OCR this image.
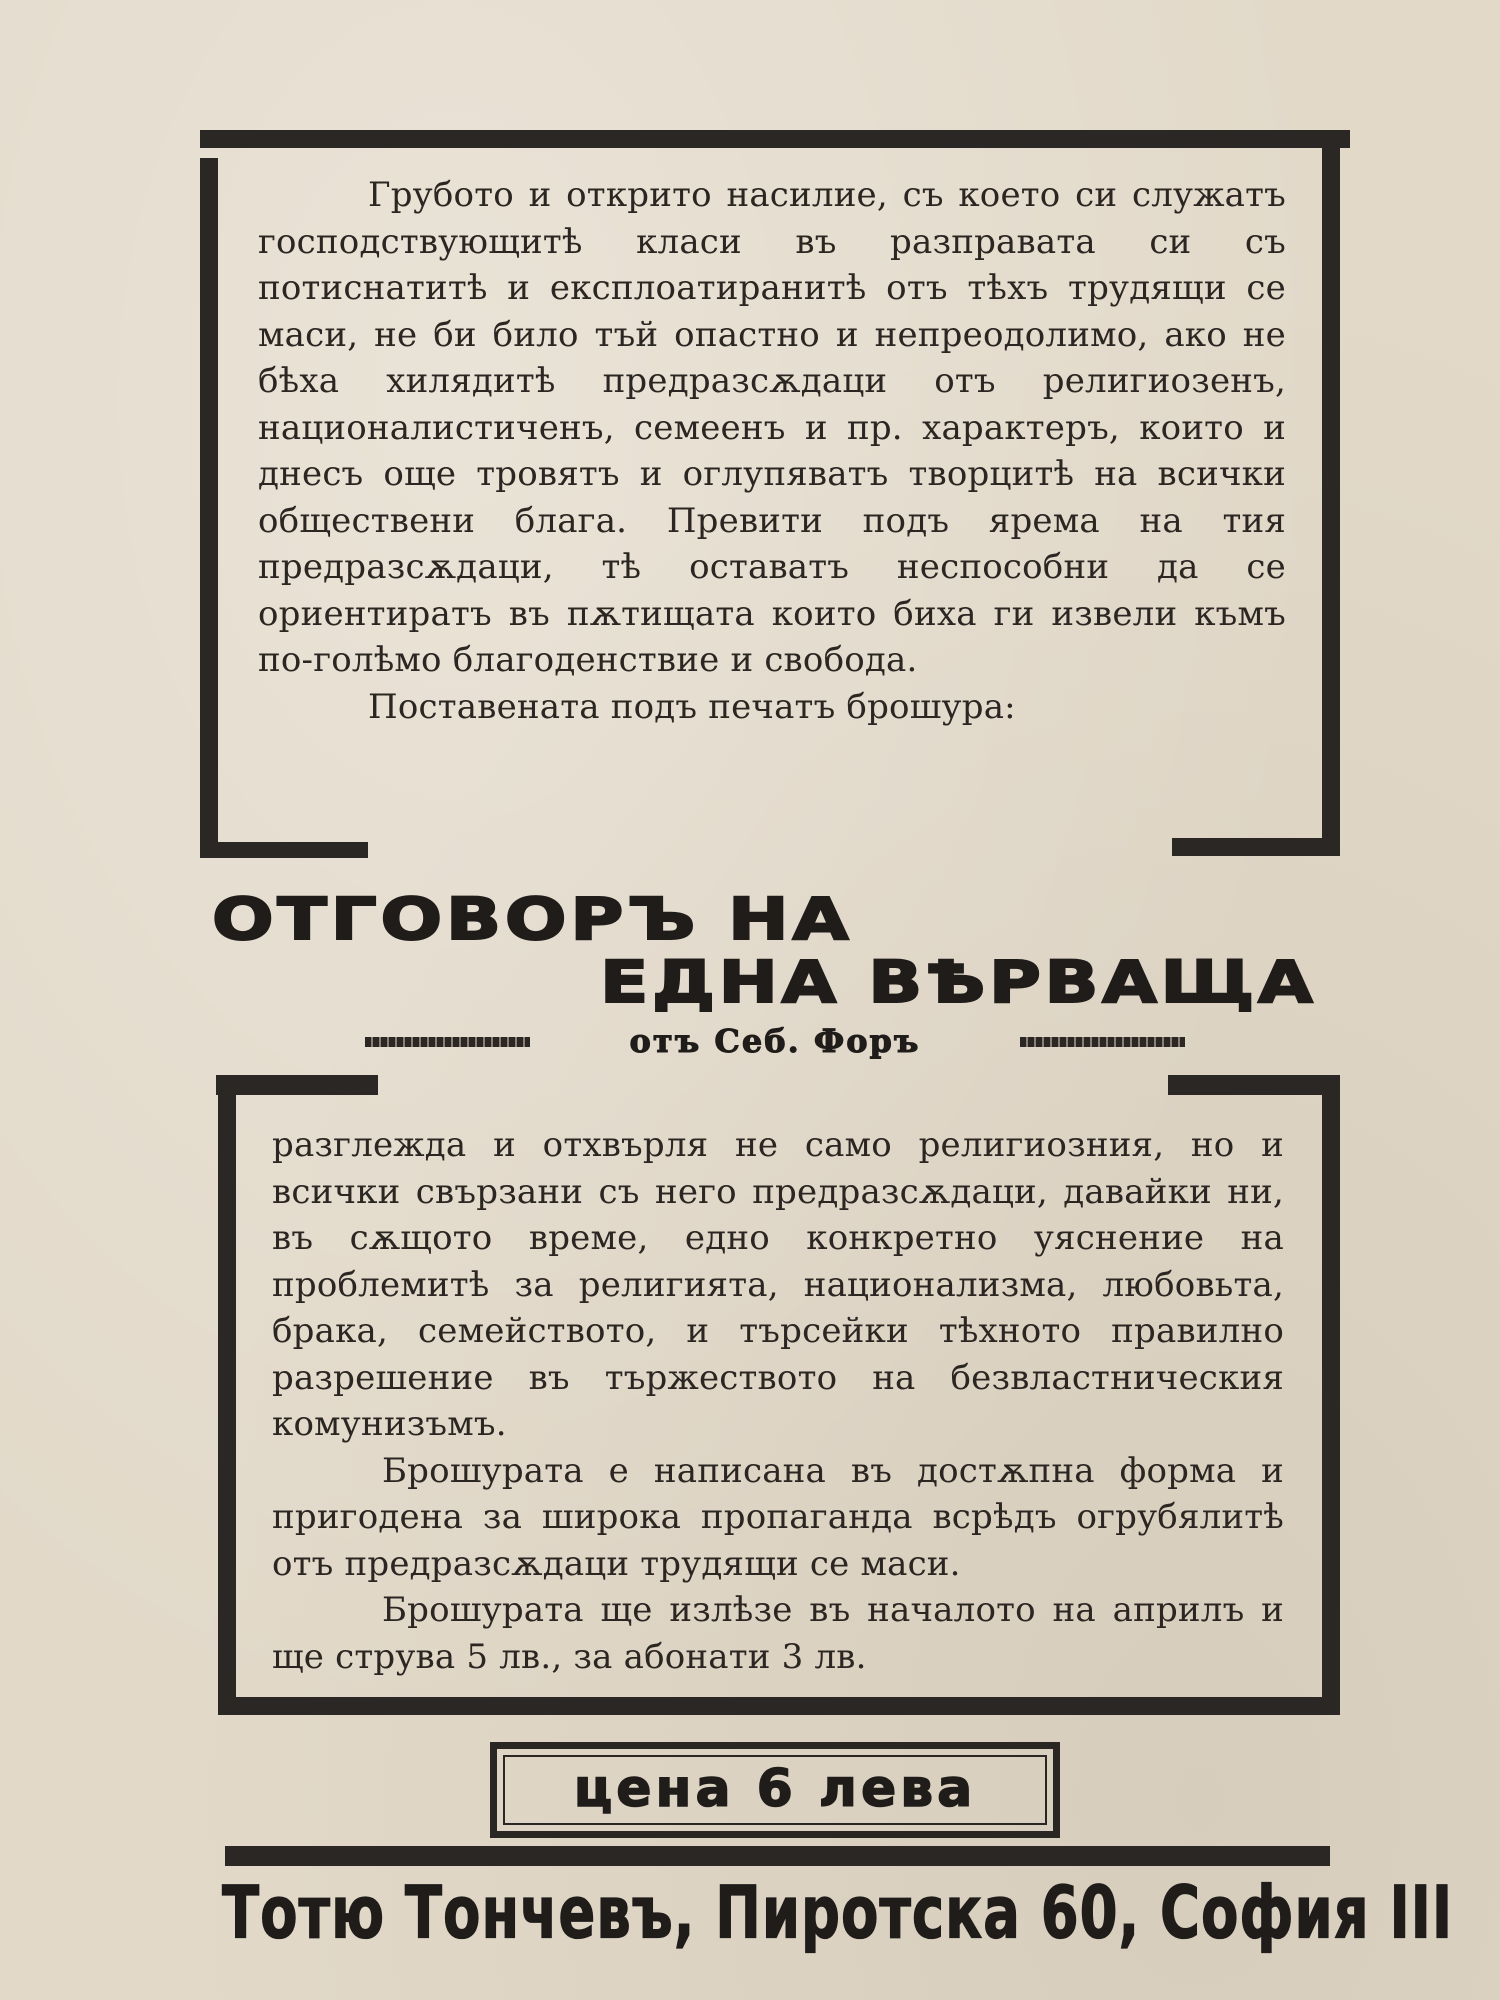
Грубото и открито насилие, съ което си служатъ господствующитѣ класи въ разправата си съ потиснатитѣ и експлоатиранитѣ отъ тѣхъ трудящи се маси, не би било тъй опастно и непреодолимо, ако не бѣха хилядитѣ предразсѫдаци отъ религиозенъ, националистиченъ, семеенъ и пр. характеръ, които и днесъ още тровятъ и оглупяватъ творцитѣ на всички обществени блага. Превити подъ ярема на тия предразсѫдаци, тѣ оставатъ неспособни да се ориентиратъ въ пѫтищата които биха ги извели къмъ по-голѣмо благоденствие и свобода.

Поставената подъ печатъ брошура:

ОТГОВОРЪ НА
ЕДНА ВѢРВАЩА
отъ Себ. Форъ

разглежда и отхвърля не само религиозния, но и всички свързани съ него предразсѫдаци, давайки ни, въ сѫщото време, едно конкретно уяснение на проблемитѣ за религията, национализма, любовьта, брака, семейството, и търсейки тѣхното правилно разрешение въ тържеството на безвластническия комунизъмъ.

Брошурата е написана въ достѫпна форма и пригодена за широка пропаганда всрѣдъ огрубялитѣ отъ предразсѫдаци трудящи се маси.

Брошурата ще излѣзе въ началото на априлъ и ще струва 5 лв., за абонати 3 лв.

цена 6 лева
Тотю Тончевъ, Пиротска 60, София III
